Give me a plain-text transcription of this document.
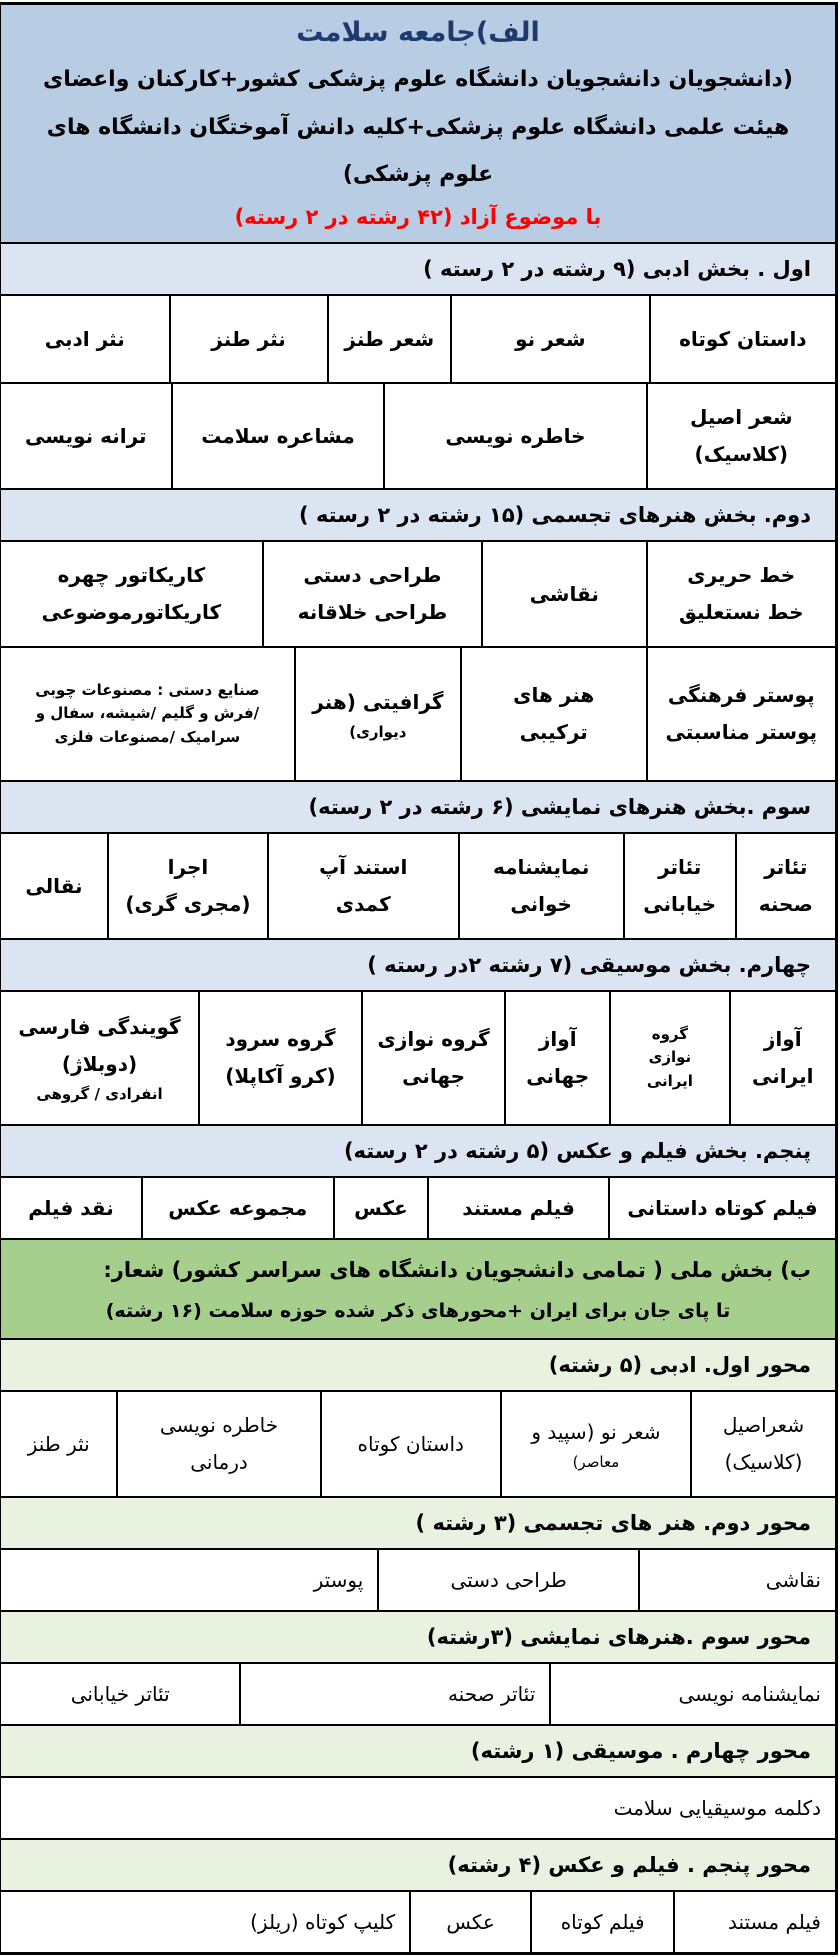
الف)جامعه سلامت
(دانشجویان دانشجویان دانشگاه علوم پزشکی کشور+کارکنان واعضای هیئت علمی دانشگاه علوم پزشکی+کلیه دانش آموختگان دانشگاه های علوم پزشکی)
با موضوع آزاد (۴۲ رشته در ۲ رسته)
اول . بخش ادبی (۹ رشته در ۲ رسته )
داستان کوتاه
شعر نو
شعر طنز
نثر طنز
نثر ادبی
شعر اصیل
(کلاسیک)
خاطره نویسی
مشاعره سلامت
ترانه نویسی
دوم. بخش هنرهای تجسمی (۱۵ رشته در ۲ رسته )
خط حریری
خط نستعلیق
نقاشی
طراحی دستی
طراحی خلاقانه
کاریکاتور چهره
کاریکاتورموضوعی
پوستر فرهنگی
پوستر مناسبتی
هنر های
ترکیبی
گرافیتی (هنر
دیواری)
صنایع دستی : مصنوعات چوبی
/فرش و گلیم /شیشه، سفال و
سرامیک /مصنوعات فلزی
سوم .بخش هنرهای نمایشی (۶ رشته در ۲ رسته)
تئاتر
صحنه
تئاتر
خیابانی
نمایشنامه
خوانی
استند آپ
کمدی
اجرا
(مجری گری)
نقالی
چهارم. بخش موسیقی (۷ رشته ۲در رسته )
آواز
ایرانی
گروه
نوازی
ایرانی
آواز
جهانی
گروه نوازی
جهانی
گروه سرود
(کرو آکاپلا)
گویندگی فارسی
(دوبلاژ)
انفرادی / گروهی
پنجم. بخش فیلم و عکس (۵ رشته در ۲ رسته)
فیلم کوتاه داستانی
فیلم مستند
عکس
مجموعه عکس
نقد فیلم
ب) بخش ملی ( تمامی دانشجویان دانشگاه های سراسر کشور) شعار:
تا پای جان برای ایران +محورهای ذکر شده حوزه سلامت (۱۶ رشته)
محور اول. ادبی (۵ رشته)
شعراصیل
(کلاسیک)
شعر نو (سپید و
معاصر)
داستان کوتاه
خاطره نویسی
درمانی
نثر طنز
محور دوم. هنر های تجسمی (۳ رشته )
نقاشی
طراحی دستی
پوستر
محور سوم .هنرهای نمایشی (۳رشته)
نمایشنامه نویسی
تئاتر صحنه
تئاتر خیابانی
محور چهارم . موسیقی (۱ رشته)
دکلمه موسیقیایی سلامت
محور پنجم . فیلم و عکس (۴ رشته)
فیلم مستند
فیلم کوتاه
عکس
کلیپ کوتاه (ریلز)
